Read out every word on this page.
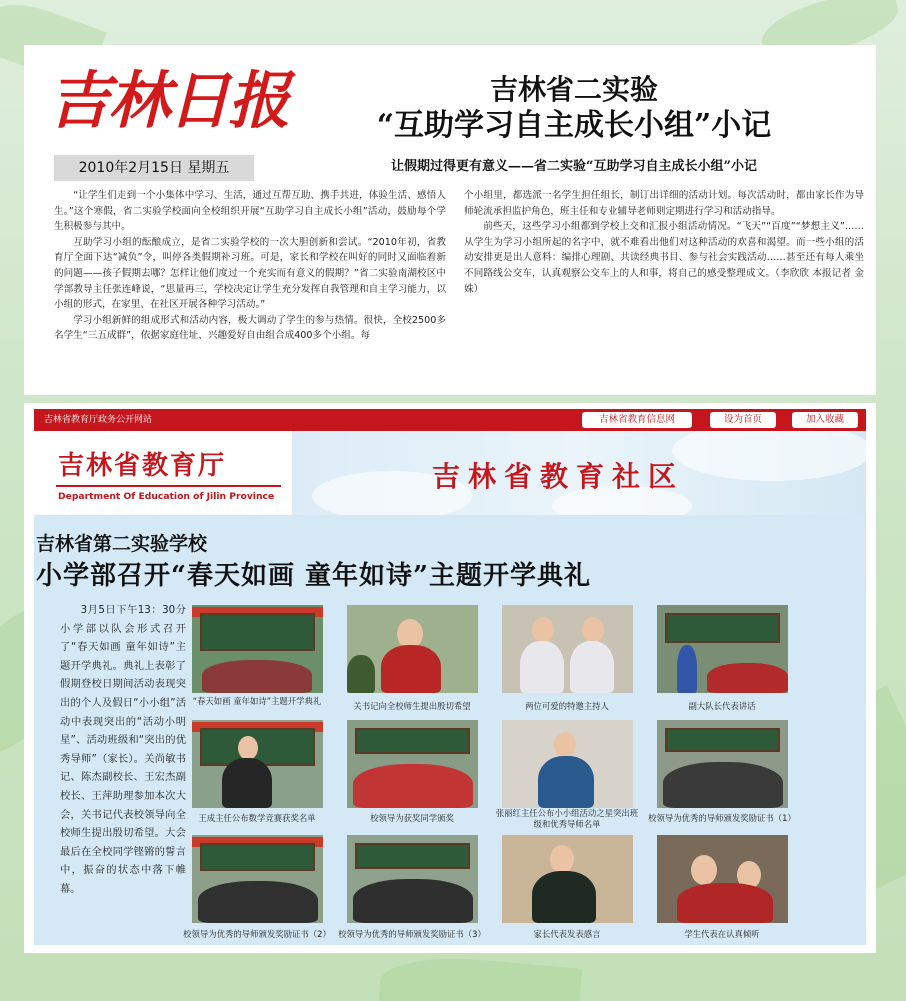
吉林日报
2010年2月15日 星期五
吉林省二实验
“互助学习自主成长小组”小记
让假期过得更有意义——省二实验“互助学习自主成长小组”小记

“让学生们走到一个小集体中学习、生活，通过互帮互助、携手共进，体验生活、感悟人生。”这个寒假，省二实验学校面向全校组织开展“互助学习自主成长小组”活动，鼓励每个学生积极参与其中。

互助学习小组的酝酿成立，是省二实验学校的一次大胆创新和尝试。“2010年初，省教育厅全面下达“减负”令，叫停各类假期补习班。可是，家长和学校在叫好的同时又面临着新的问题——孩子假期去哪？怎样让他们度过一个充实而有意义的假期？”省二实验南湖校区中学部教导主任张连峰说，“思量再三，学校决定让学生充分发挥自我管理和自主学习能力，以小组的形式，在家里、在社区开展各种学习活动。”

学习小组新鲜的组成形式和活动内容，极大调动了学生的参与热情。很快，全校2500多名学生“三五成群”，依据家庭住址、兴趣爱好自由组合成400多个小组。每

个小组里，都选派一名学生担任组长，制订出详细的活动计划。每次活动时，都由家长作为导师轮流承担监护角色，班主任和专业辅导老师则定期进行学习和活动指导。

前些天，这些学习小组都到学校上交和汇报小组活动情况。“飞天”“百度”“梦想主义”……从学生为学习小组所起的名字中，就不难看出他们对这种活动的欢喜和渴望。而一些小组的活动安排更是出人意料：编排心理剧、共读经典书目、参与社会实践活动……甚至还有每人乘坐不同路线公交车，认真观察公交车上的人和事，将自己的感受整理成文。（李欣欣 本报记者 金姝）

吉林省教育厅政务公开网站	吉林省教育信息网	设为首页	加入收藏
吉林省教育厅
Department Of Education of Jilin Province
吉林省教育社区
吉林省第二实验学校
小学部召开“春天如画 童年如诗”主题开学典礼

3月5日下午13：30分小学部以队会形式召开了“春天如画 童年如诗”主题开学典礼。典礼上表彰了假期登校日期间活动表现突出的个人及假日“小小组”活动中表现突出的“活动小明星”、活动班级和“突出的优秀导师”（家长）。关尚敏书记、陈杰副校长、王宏杰副校长、王萍助理参加本次大会，关书记代表校领导向全校师生提出殷切希望。大会最后在全校同学铿锵的誓言中，振奋的状态中落下帷幕。

“春天如画 童年如诗”主题开学典礼	关书记向全校师生提出殷切希望	两位可爱的特邀主持人	副大队长代表讲话
王成主任公布数学竞赛获奖名单	校领导为获奖同学颁奖	张丽红主任公布小小组活动之星突出班级和优秀导师名单
校领导为优秀的导师颁发奖励证书（1）
校领导为优秀的导师颁发奖励证书（2） 校领导为优秀的导师颁发奖励证书（3）	家长代表发表感言	学生代表在认真倾听
